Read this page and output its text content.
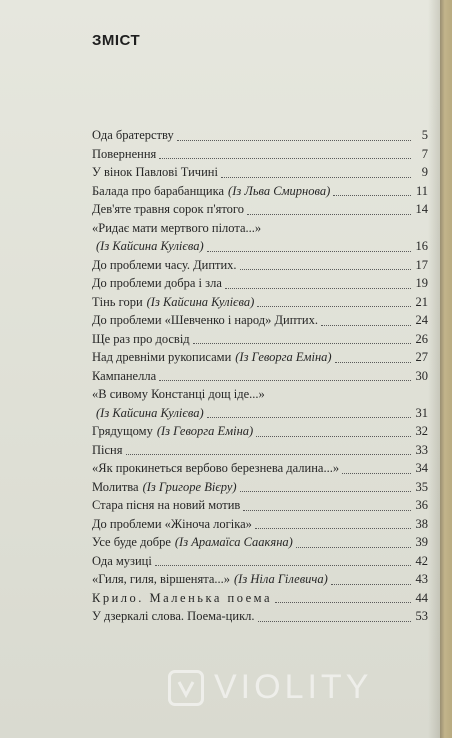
ЗМІСТ
Ода братерству	5
Повернення	7
У вінок Павлові Тичині	9
Балада про барабанщика (Із Льва Смирнова)	11
Дев'яте травня сорок п'ятого	14
«Ридає мати мертвого пілота...»
(Із Кайсина Кулієва)	16
До проблеми часу. Диптих.	17
До проблеми добра і зла	19
Тінь гори (Із Кайсина Кулієва)	21
До проблеми «Шевченко і народ» Диптих.	24
Ще раз про досвід	26
Над древніми рукописами (Із Геворга Еміна)	27
Кампанелла	30
«В сивому Констанці дощ іде...»
(Із Кайсина Кулієва)	31
Грядущому (Із Геворга Еміна)	32
Пісня	33
«Як прокинеться вербово березнева далина...»	34
Молитва (Із Григоре Вієру)	35
Стара пісня на новий мотив	36
До проблеми «Жіноча логіка»	38
Усе буде добре (Із Арамаїса Саакяна)	39
Ода музиці	42
«Гиля, гиля, віршенята...» (Із Ніла Гілевича)	43
Крило. Маленька поема	44
У дзеркалі слова. Поема-цикл.	53
VIOLITY
